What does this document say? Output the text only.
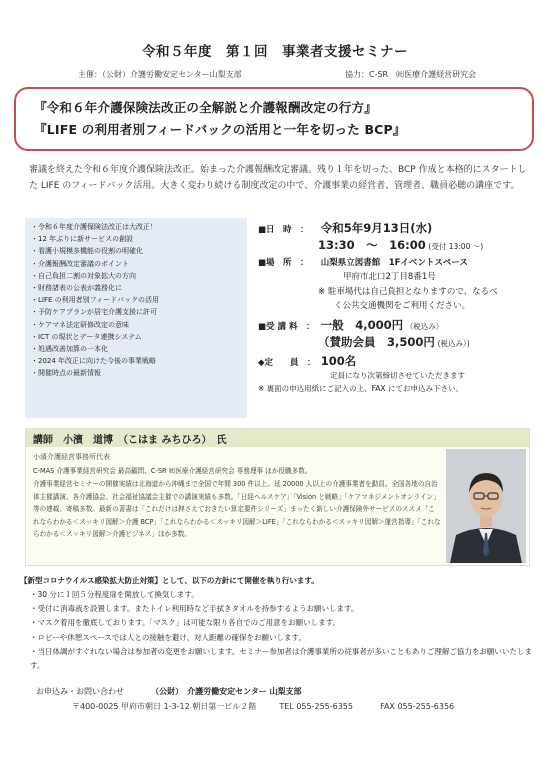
令和５年度　第１回　事業者支援セミナー
主催：（公財）介護労働安定センター山梨支部	協力：C-SR　㈳医療介護経営研究会
『令和６年介護保険法改正の全解説と介護報酬改定の行方』
『LIFE の利用者別フィードバックの活用と一年を切った BCP』
審議を終えた令和６年度介護保険法改正。始まった介護報酬改定審議。残り１年を切った、BCP 作成と本格的にスタートした LIFE のフィードバック活用。大きく変わり続ける制度改定の中で、介護事業の経営者、管理者、職員必聴の講座です。
・令和６年度介護保険法改正は大改正！
・12 年ぶりに新サービスの創設
・看護小規模多機能の役割の明確化
・介護報酬改定審議のポイント
・自己負担二割の対象拡大の方向
・財務諸表の公表が義務化に
・LIFE の利用者別フィードバックの活用
・予防ケアプランが居宅介護支援に許可
・ケアマネ法定研修改定の意味
・ICT の現状とデータ連携システム
・処遇改善加算の一本化
・2024 年改正に向けた今後の事業戦略
・開催時点の最新情報
■日　時　： 令和5年9月13日(水)
13:30　～　16:00 (受付 13:00 ～)
■場　所　： 山梨県立図書館　1Fイベントスペース
甲府市北口2丁目8番1号
※ 駐車場代は自己負担となりますので、なるべ
く公共交通機関をご利用ください。
■受 講 料　： 一般　4,000円 （税込み）
（賛助会員　3,500円 (税込み）)
◆定　　員　： 100名
定員になり次第締切させていただきます
※ 裏面の申込用紙にご記入の上、FAX にてお申込み下さい。
講師　小濱　道博　（こはま みちひろ）　氏
小濱介護経営事務所代表
C-MAS 介護事業経営研究会 最高顧問、C-SR ㈳医療介護経営研究会 専務理事 ほか役職多数。
介護事業経営セミナーの開催実績は北海道から沖縄まで全国で年間 300 件以上。延 20000 人以上の介護事業者を動員。全国各地の自治体主催講演、各介護協会、社会福祉協議会主催での講演実績も多数。「日経ヘルスケア」「Vision と戦略」「ケアマネジメントオンライン」等の連載、寄稿多数。最新の著書は「これだけは押さえておきたい算定要件シリーズ」まったく新しい介護保険外サービスのススメ「これならわかる＜スッキリ図解＞介護 BCP」「これならわかる＜スッキリ図解＞LIFE」「これならわかる＜スッキリ図解＞運営指導」「これならわかる＜スッキリ図解＞介護ビジネス」ほか多数。
【新型コロナウイルス感染拡大防止対策】として、以下の方針にて開催を執り行います。
・30 分に１回５分程度扉を開放して換気します。
・受付に消毒液を設置します。またトイレ利用時など手拭きタオルを持参するようお願いします。
・マスク着用を徹底しております。「マスク」は可能な限り各自でのご用意をお願いします。
・ロビーや休憩スペースでは人との接触を避け、対人距離の確保をお願いします。
・当日体調がすぐれない場合は参加者の変更をお願いします。セミナー参加者は介護事業所の従事者が多いこともありご理解ご協力をお願いいたします。
お申込み・お問い合わせ	（公財）　介護労働安定センター 山梨支部
〒400-0025 甲府市朝日 1-3-12 朝日第一ビル２階	TEL 055-255-6355	FAX 055-255-6356
